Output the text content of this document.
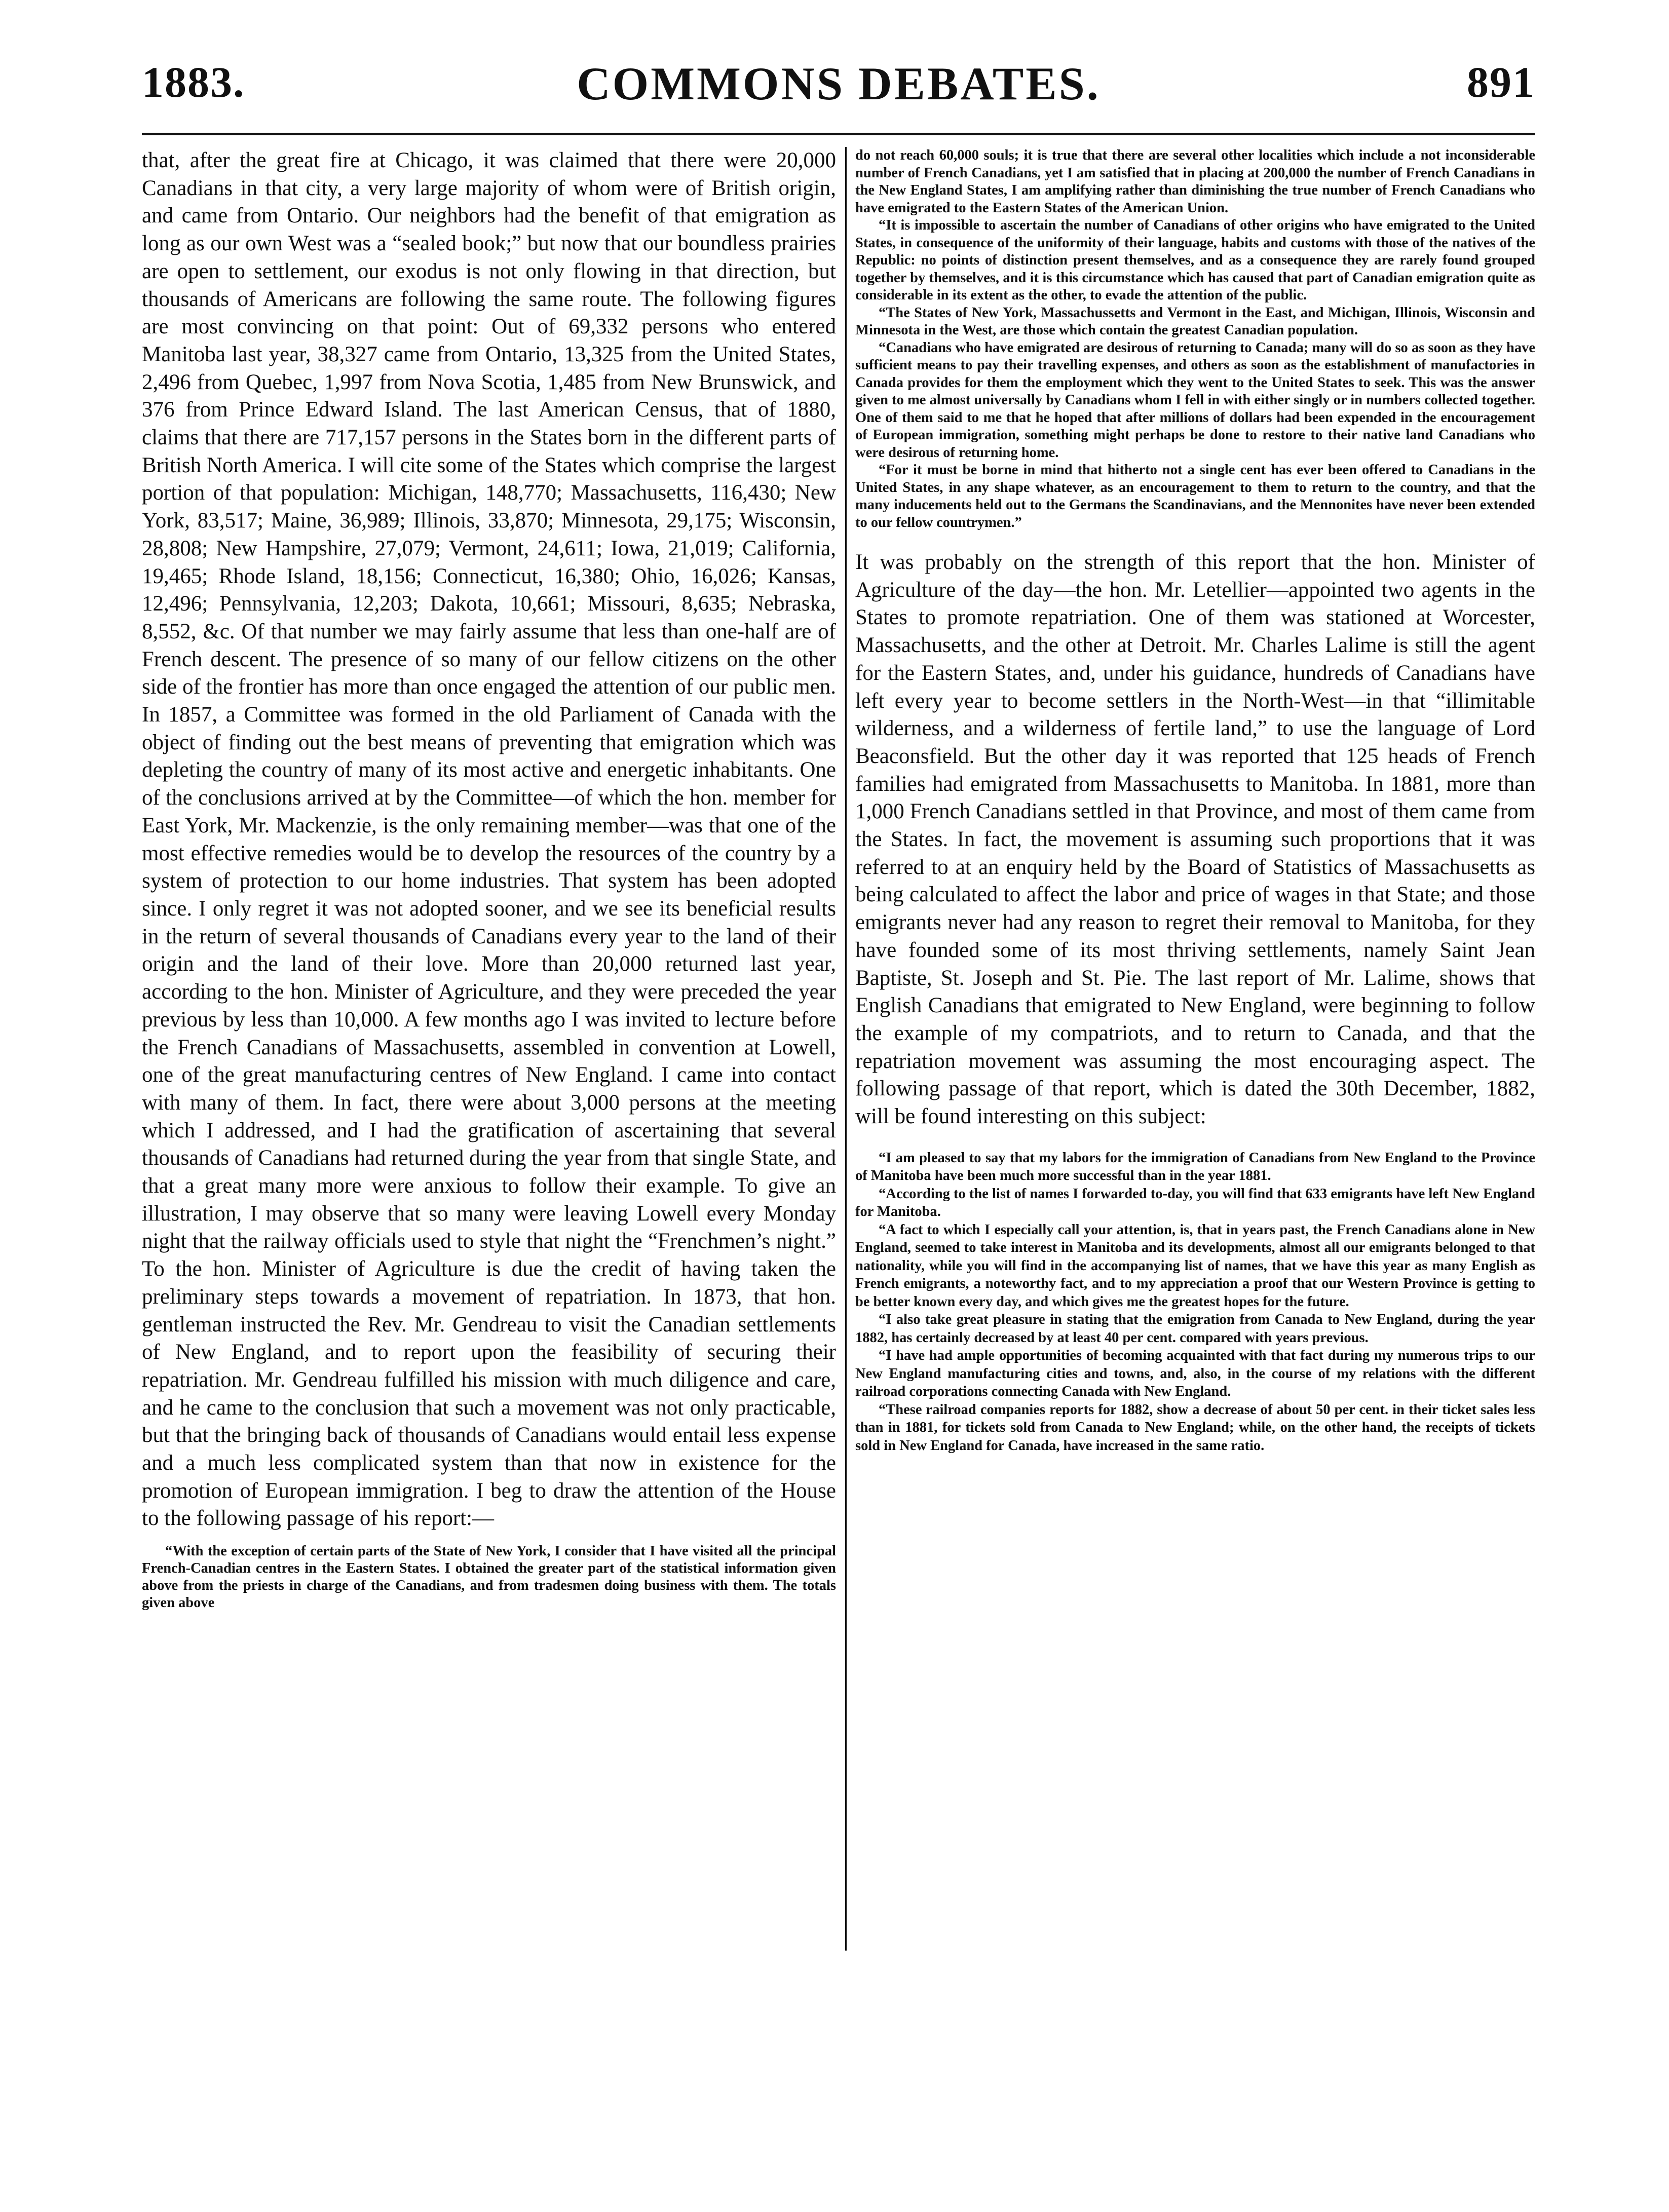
1883.	COMMONS DEBATES.	891

that, after the great fire at Chicago, it was claimed that there were 20,000 Canadians in that city, a very large majority of whom were of British origin, and came from Ontario. Our neighbors had the benefit of that emigration as long as our own West was a “sealed book;” but now that our boundless prairies are open to settlement, our exodus is not only flowing in that direction, but thousands of Americans are following the same route. The following figures are most convincing on that point: Out of 69,332 persons who entered Manitoba last year, 38,327 came from Ontario, 13,325 from the United States, 2,496 from Quebec, 1,997 from Nova Scotia, 1,485 from New Brunswick, and 376 from Prince Edward Island. The last American Census, that of 1880, claims that there are 717,157 persons in the States born in the different parts of British North America. I will cite some of the States which comprise the largest portion of that population: Michigan, 148,770; Massachusetts, 116,430; New York, 83,517; Maine, 36,989; Illinois, 33,870; Minnesota, 29,175; Wisconsin, 28,808; New Hampshire, 27,079; Vermont, 24,611; Iowa, 21,019; California, 19,465; Rhode Island, 18,156; Connecticut, 16,380; Ohio, 16,026; Kansas, 12,496; Pennsylvania, 12,203; Dakota, 10,661; Missouri, 8,635; Nebraska, 8,552, &c. Of that number we may fairly assume that less than one-half are of French descent. The presence of so many of our fellow citizens on the other side of the frontier has more than once engaged the attention of our public men. In 1857, a Committee was formed in the old Parliament of Canada with the object of finding out the best means of preventing that emigration which was depleting the country of many of its most active and energetic inhabitants. One of the conclusions arrived at by the Committee—of which the hon. member for East York, Mr. Mackenzie, is the only remaining member—was that one of the most effective remedies would be to develop the resources of the country by a system of protection to our home industries. That system has been adopted since. I only regret it was not adopted sooner, and we see its beneficial results in the return of several thousands of Canadians every year to the land of their origin and the land of their love. More than 20,000 returned last year, according to the hon. Minister of Agriculture, and they were preceded the year previous by less than 10,000. A few months ago I was invited to lecture before the French Canadians of Massachusetts, assembled in convention at Lowell, one of the great manufacturing centres of New England. I came into contact with many of them. In fact, there were about 3,000 persons at the meeting which I addressed, and I had the gratification of ascertaining that several thousands of Canadians had returned during the year from that single State, and that a great many more were anxious to follow their example. To give an illustration, I may observe that so many were leaving Lowell every Monday night that the railway officials used to style that night the “Frenchmen’s night.” To the hon. Minister of Agriculture is due the credit of having taken the preliminary steps towards a movement of repatriation. In 1873, that hon. gentleman instructed the Rev. Mr. Gendreau to visit the Canadian settlements of New England, and to report upon the feasibility of securing their repatriation. Mr. Gendreau fulfilled his mission with much diligence and care, and he came to the conclusion that such a movement was not only practicable, but that the bringing back of thousands of Canadians would entail less expense and a much less complicated system than that now in existence for the promotion of European immigration. I beg to draw the attention of the House to the following passage of his report:—

“With the exception of certain parts of the State of New York, I consider that I have visited all the principal French-Canadian centres in the Eastern States. I obtained the greater part of the statistical information given above from the priests in charge of the Canadians, and from tradesmen doing business with them. The totals given above

do not reach 60,000 souls; it is true that there are several other localities which include a not inconsiderable number of French Canadians, yet I am satisfied that in placing at 200,000 the number of French Canadians in the New England States, I am amplifying rather than diminishing the true number of French Canadians who have emigrated to the Eastern States of the American Union.

“It is impossible to ascertain the number of Canadians of other origins who have emigrated to the United States, in consequence of the uniformity of their language, habits and customs with those of the natives of the Republic: no points of distinction present themselves, and as a consequence they are rarely found grouped together by themselves, and it is this circumstance which has caused that part of Canadian emigration quite as considerable in its extent as the other, to evade the attention of the public.

“The States of New York, Massachussetts and Vermont in the East, and Michigan, Illinois, Wisconsin and Minnesota in the West, are those which contain the greatest Canadian population.

“Canadians who have emigrated are desirous of returning to Canada; many will do so as soon as they have sufficient means to pay their travelling expenses, and others as soon as the establishment of manufactories in Canada provides for them the employment which they went to the United States to seek. This was the answer given to me almost universally by Canadians whom I fell in with either singly or in numbers collected together. One of them said to me that he hoped that after millions of dollars had been expended in the encouragement of European immigration, something might perhaps be done to restore to their native land Canadians who were desirous of returning home.

“For it must be borne in mind that hitherto not a single cent has ever been offered to Canadians in the United States, in any shape whatever, as an encouragement to them to return to the country, and that the many inducements held out to the Germans the Scandinavians, and the Mennonites have never been extended to our fellow countrymen.”

It was probably on the strength of this report that the hon. Minister of Agriculture of the day—the hon. Mr. Letellier—appointed two agents in the States to promote repatriation. One of them was stationed at Worcester, Massachusetts, and the other at Detroit. Mr. Charles Lalime is still the agent for the Eastern States, and, under his guidance, hundreds of Canadians have left every year to become settlers in the North-West—in that “illimitable wilderness, and a wilderness of fertile land,” to use the language of Lord Beaconsfield. But the other day it was reported that 125 heads of French families had emigrated from Massachusetts to Manitoba. In 1881, more than 1,000 French Canadians settled in that Province, and most of them came from the States. In fact, the movement is assuming such proportions that it was referred to at an enquiry held by the Board of Statistics of Massachusetts as being calculated to affect the labor and price of wages in that State; and those emigrants never had any reason to regret their removal to Manitoba, for they have founded some of its most thriving settlements, namely Saint Jean Baptiste, St. Joseph and St. Pie. The last report of Mr. Lalime, shows that English Canadians that emigrated to New England, were beginning to follow the example of my compatriots, and to return to Canada, and that the repatriation movement was assuming the most encouraging aspect. The following passage of that report, which is dated the 30th December, 1882, will be found interesting on this subject:

“I am pleased to say that my labors for the immigration of Canadians from New England to the Province of Manitoba have been much more successful than in the year 1881.

“According to the list of names I forwarded to-day, you will find that 633 emigrants have left New England for Manitoba.

“A fact to which I especially call your attention, is, that in years past, the French Canadians alone in New England, seemed to take interest in Manitoba and its developments, almost all our emigrants belonged to that nationality, while you will find in the accompanying list of names, that we have this year as many English as French emigrants, a noteworthy fact, and to my appreciation a proof that our Western Province is getting to be better known every day, and which gives me the greatest hopes for the future.

“I also take great pleasure in stating that the emigration from Canada to New England, during the year 1882, has certainly decreased by at least 40 per cent. compared with years previous.

“I have had ample opportunities of becoming acquainted with that fact during my numerous trips to our New England manufacturing cities and towns, and, also, in the course of my relations with the different railroad corporations connecting Canada with New England.

“These railroad companies reports for 1882, show a decrease of about 50 per cent. in their ticket sales less than in 1881, for tickets sold from Canada to New England; while, on the other hand, the receipts of tickets sold in New England for Canada, have increased in the same ratio.
